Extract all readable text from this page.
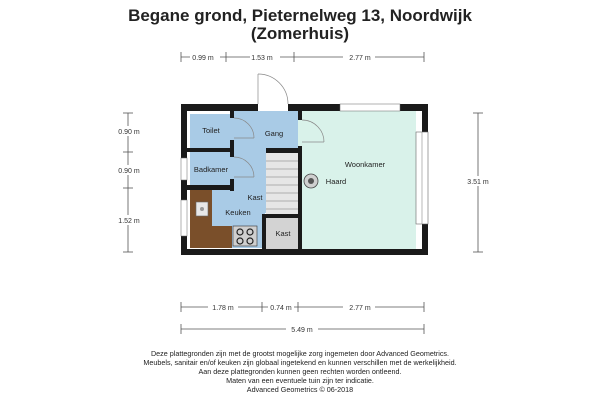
Begane grond, Pieternelweg 13, Noordwijk
(Zomerhuis)
0.99 m	1.53 m	2.77 m
0.90 m
0.90 m
1.52 m
3.51 m
Toilet	Gang
Badkamer
Woonkamer
Haard
Kast
Keuken
Kast
1.78 m	0.74 m	2.77 m
5.49 m
Deze plattegronden zijn met de grootst mogelijke zorg ingemeten door Advanced Geometrics.
Meubels, sanitair en/of keuken zijn globaal ingetekend en kunnen verschillen met de werkelijkheid.
Aan deze plattegronden kunnen geen rechten worden ontleend.
Maten van een eventuele tuin zijn ter indicatie.
Advanced Geometrics © 06-2018
